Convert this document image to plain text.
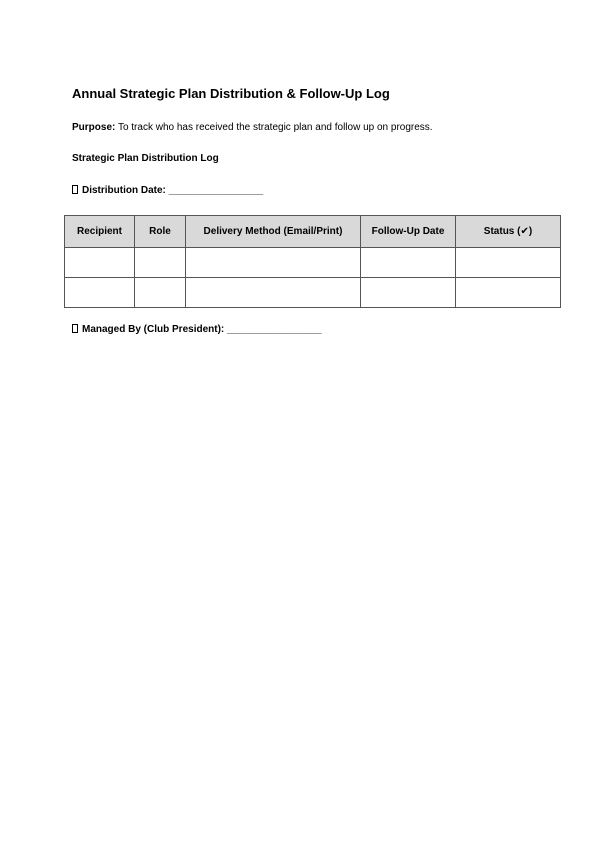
Annual Strategic Plan Distribution & Follow-Up Log
Purpose: To track who has received the strategic plan and follow up on progress.
Strategic Plan Distribution Log
Distribution Date: _________________
Recipient	Role	Delivery Method (Email/Print)	Follow-Up Date	Status (✔)

Managed By (Club President): _________________
